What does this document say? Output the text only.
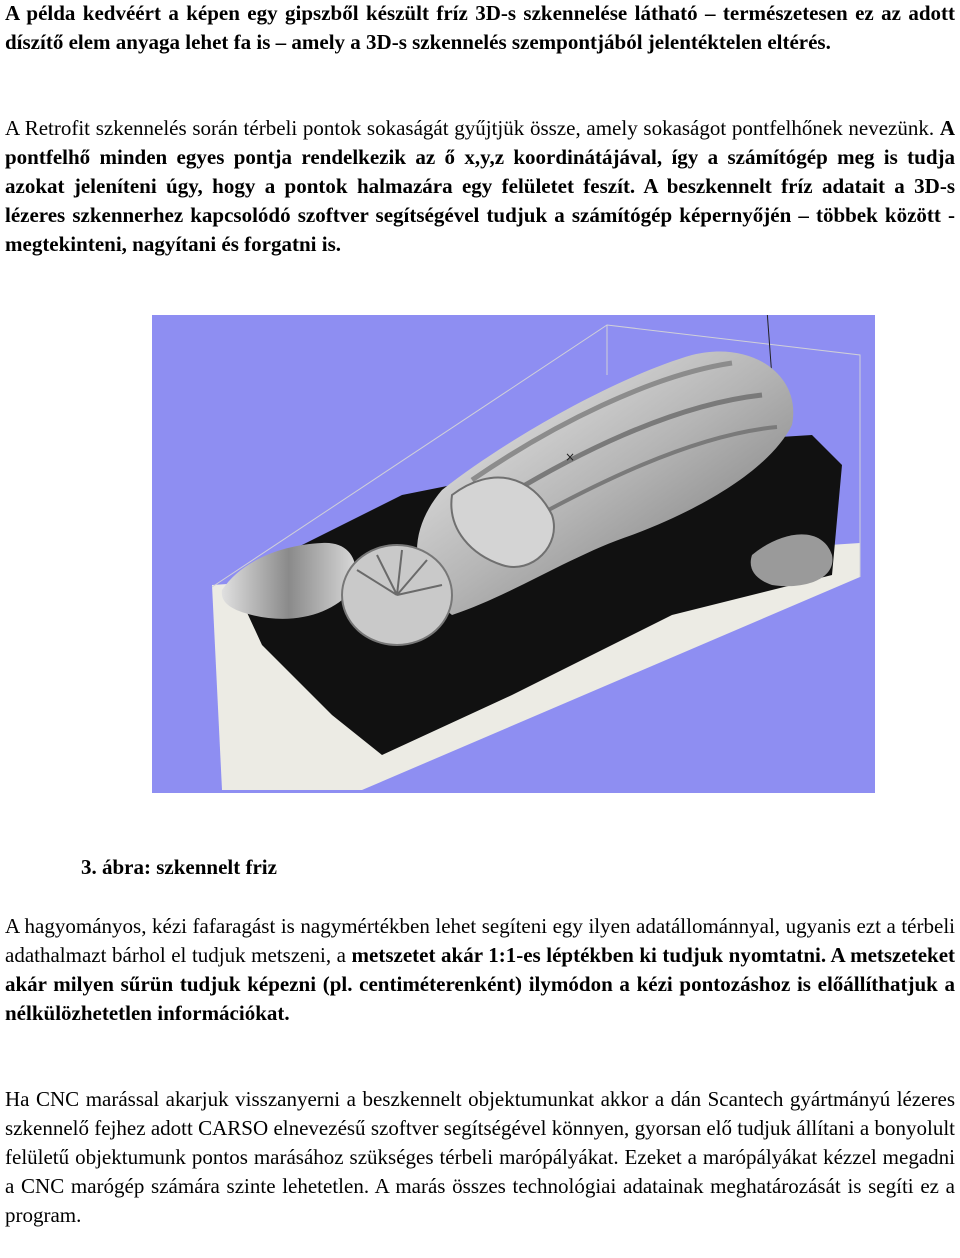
A példa kedvéért a képen egy gipszből készült fríz 3D-s szkennelése látható – természetesen ez az adott díszítő elem anyaga lehet fa is – amely a 3D-s szkennelés szempontjából jelentéktelen eltérés.

A Retrofit szkennelés során térbeli pontok sokaságát gyűjtjük össze, amely sokaságot pontfelhőnek nevezünk. A pontfelhő minden egyes pontja rendelkezik az ő x,y,z koordinátájával, így a számítógép meg is tudja azokat jeleníteni úgy, hogy a pontok halmazára egy felületet feszít. A beszkennelt fríz adatait a 3D-s lézeres szkennerhez kapcsolódó szoftver segítségével tudjuk a számítógép képernyőjén – többek között - megtekinteni, nagyítani és forgatni is.

×
3. ábra: szkennelt friz

A hagyományos, kézi fafaragást is nagymértékben lehet segíteni egy ilyen adatállománnyal, ugyanis ezt a térbeli adathalmazt bárhol el tudjuk metszeni, a metszetet akár 1:1-es léptékben ki tudjuk nyomtatni. A metszeteket akár milyen sűrün tudjuk képezni (pl. centiméterenként) ilymódon a kézi pontozáshoz is előállíthatjuk a nélkülözhetetlen információkat.

Ha CNC marással akarjuk visszanyerni a beszkennelt objektumunkat akkor a dán Scantech gyártmányú lézeres szkennelő fejhez adott CARSO elnevezésű szoftver segítségével könnyen, gyorsan elő tudjuk állítani a bonyolult felületű objektumunk pontos marásához szükséges térbeli marópályákat. Ezeket a marópályákat kézzel megadni a CNC marógép számára szinte lehetetlen. A marás összes technológiai adatainak meghatározását is segíti ez a program.
